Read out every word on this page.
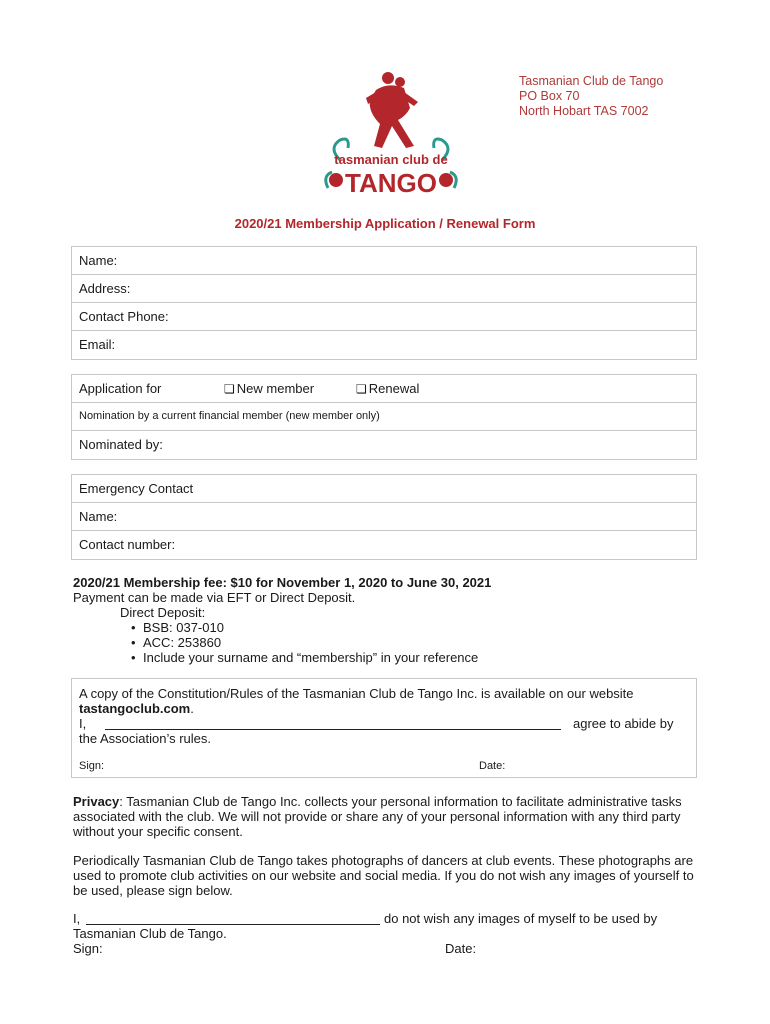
tasmanian club de
TANGO
Tasmanian Club de Tango
PO Box 70
North Hobart TAS 7002
2020/21 Membership Application / Renewal Form
Name:
Address:
Contact Phone:
Email:
Application for	❏ New member	❏ Renewal
Nomination by a current financial member (new member only)
Nominated by:
Emergency Contact
Name:
Contact number:
2020/21 Membership fee: $10 for November 1, 2020 to June 30, 2021
Payment can be made via EFT or Direct Deposit.
Direct Deposit:
• BSB: 037-010
• ACC: 253860
• Include your surname and “membership” in your reference
A copy of the Constitution/Rules of the Tasmanian Club de Tango Inc. is available on our website tastangoclub.com.
I,	agree to abide by
the Association’s rules.
Sign:	Date:
Privacy: Tasmanian Club de Tango Inc. collects your personal information to facilitate administrative tasks associated with the club. We will not provide or share any of your personal information with any third party without your specific consent.
Periodically Tasmanian Club de Tango takes photographs of dancers at club events. These photographs are used to promote club activities on our website and social media. If you do not wish any images of yourself to be used, please sign below.
I,	do not wish any images of myself to be used by
Tasmanian Club de Tango.
Sign:	Date:
